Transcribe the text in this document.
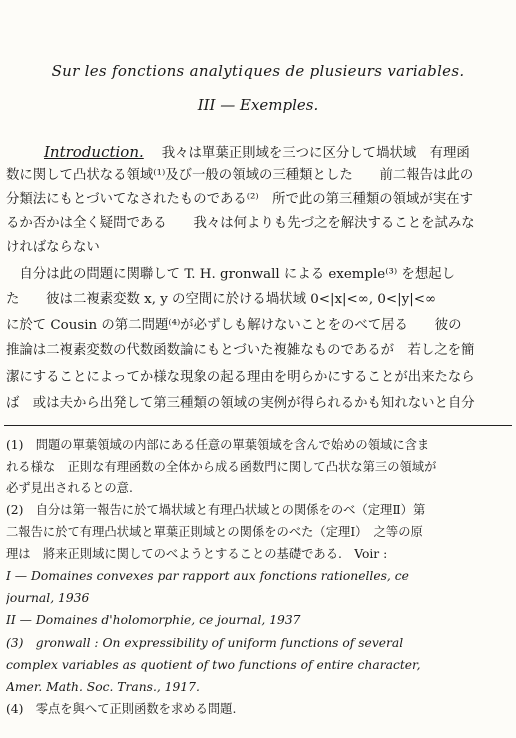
Sur les fonctions analytiques de plusieurs variables.
III — Exemples.
Introduction. 我々は單葉正則域を三つに区分して堝状域　有理函
数に関して凸状なる領域⁽¹⁾及び一般の領域の三種類とした　　前二報告は此の
分類法にもとづいてなされたものである⁽²⁾　所で此の第三種類の領域が実在す
るか否かは全く疑問である　　我々は何よりも先づ之を解決することを試みな
ければならない
　自分は此の問題に関聯して T. H. gronwall による exemple⁽³⁾ を想起し
た　　彼は二複素変数 x, y の空間に於ける堝状域 0<|x|<∞, 0<|y|<∞
に於て Cousin の第二問題⁽⁴⁾が必ずしも解けないことをのべて居る　　彼の
推論は二複素変数の代数函数論にもとづいた複雑なものであるが　若し之を簡
潔にすることによってか様な現象の起る理由を明らかにすることが出来たなら
ば　或は夫から出発して第三種類の領域の実例が得られるかも知れないと自分
(1)　問題の單葉領域の内部にある任意の單葉領域を含んで始めの領域に含ま
れる様な　正則な有理函数の全体から成る函数門に関して凸状な第三の領域が
必ず見出されるとの意.
(2)　自分は第一報告に於て堝状域と有理凸状域との関係をのべ（定理Ⅱ）第
二報告に於て有理凸状域と單葉正則域との関係をのべた（定理Ⅰ）　之等の原
理は　將来正則域に関してのべようとすることの基礎である.　Voir :
I — Domaines convexes par rapport aux fonctions rationelles, ce
journal, 1936
II — Domaines d'holomorphie, ce journal, 1937
(3)　gronwall : On expressibility of uniform functions of several
complex variables as quotient of two functions of entire character,
Amer. Math. Soc. Trans., 1917.
(4)　零点を與へて正則函数を求める問題.
